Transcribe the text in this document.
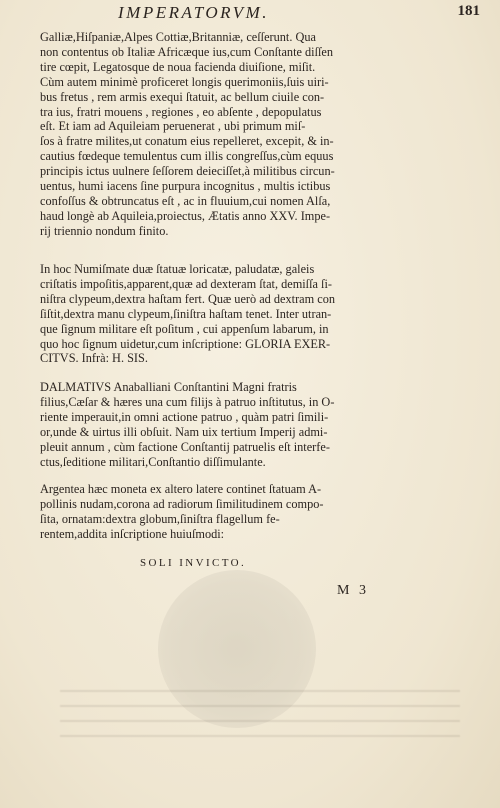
IMPERATORVM.	181
Galliæ,Hiſpaniæ,Alpes Cottiæ,Britanniæ, ceſſerunt. Qua
non contentus ob Italiæ Africæque ius,cum Conſtante diſſen
tire cœpit, Legatosque de noua facienda diuiſione, miſit.
Cùm autem minimè proficeret longis querimoniis,ſuis uiri-
bus fretus , rem armis exequi ſtatuit, ac bellum ciuile con-
tra ius, fratri mouens , regiones , eo abſente , depopulatus
eſt. Et iam ad Aquileiam peruenerat , ubi primum miſ-
ſos à fratre milites,ut conatum eius repelleret, excepit, & in-
cautius fœdeque temulentus cum illis congreſſus,cùm equus
principis ictus uulnere ſeſſorem deieciſſet,à militibus circun-
uentus, humi iacens ſine purpura incognitus , multis ictibus
confoſſus & obtruncatus eſt , ac in fluuium,cui nomen Alſa,
haud longè ab Aquileia,proiectus, Ætatis anno XXV. Impe-
rij triennio nondum finito.
In hoc Numiſmate duæ ſtatuæ loricatæ, paludatæ, galeis
criſtatis impoſitis,apparent,quæ ad dexteram ſtat, demiſſa ſi-
niſtra clypeum,dextra haſtam fert. Quæ uerò ad dextram con
ſiſtit,dextra manu clypeum,ſiniſtra haſtam tenet. Inter utran-
que ſignum militare eſt poſitum , cui appenſum labarum, in
quo hoc ſignum uidetur,cum inſcriptione: GLORIA EXER-
CITVS. Infrà: H. SIS.
DALMATIVS Anaballiani Conſtantini Magni fratris
filius,Cæſar & hæres una cum filijs à patruo inſtitutus, in O-
riente imperauit,in omni actione patruo , quàm patri ſimili-
or,unde & uirtus illi obſuit. Nam uix tertium Imperij admi-
pleuit annum , cùm factione Conſtantij patruelis eſt interfe-
ctus,ſeditione militari,Conſtantio diſſimulante.
Argentea hæc moneta ex altero latere continet ſtatuam A-
pollinis nudam,corona ad radiorum ſimilitudinem compo-
ſita, ornatam:dextra globum,ſiniſtra flagellum fe-
rentem,addita inſcriptione huiuſmodi:
SOLI INVICTO.
M 3
